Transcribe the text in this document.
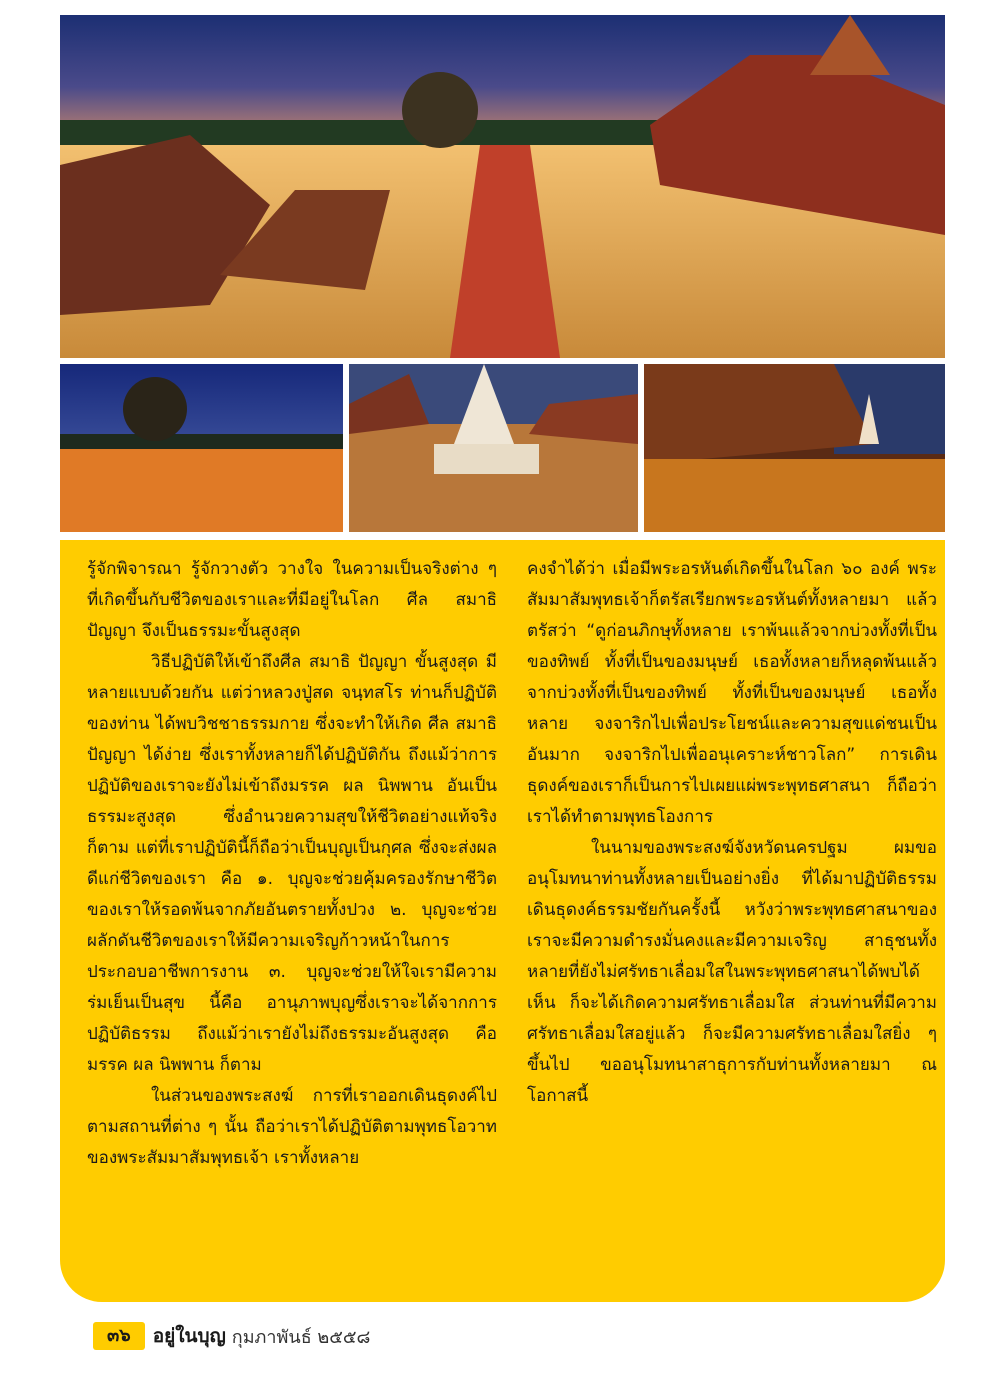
รู้จักพิจารณา รู้จักวางตัว วางใจ ในความเป็นจริงต่าง ๆ ที่เกิดขึ้นกับชีวิตของเราและที่มีอยู่ในโลก ศีล สมาธิ ปัญญา จึงเป็นธรรมะขั้นสูงสุด

วิธีปฏิบัติให้เข้าถึงศีล สมาธิ ปัญญา ขั้นสูงสุด มีหลายแบบด้วยกัน แต่ว่าหลวงปู่สด จนฺทสโร ท่านก็ปฏิบัติของท่าน ได้พบวิชชาธรรมกาย ซึ่งจะทำให้เกิด ศีล สมาธิ ปัญญา ได้ง่าย ซึ่งเราทั้งหลายก็ได้ปฏิบัติกัน ถึงแม้ว่าการปฏิบัติของเราจะยังไม่เข้าถึงมรรค ผล นิพพาน อันเป็นธรรมะสูงสุด ซึ่งอำนวยความสุขให้ชีวิตอย่างแท้จริงก็ตาม แต่ที่เราปฏิบัตินี้ก็ถือว่าเป็นบุญเป็นกุศล ซึ่งจะส่งผลดีแก่ชีวิตของเรา คือ ๑. บุญจะช่วยคุ้มครองรักษาชีวิตของเราให้รอดพ้นจากภัยอันตรายทั้งปวง ๒. บุญจะช่วยผลักดันชีวิตของเราให้มีความเจริญก้าวหน้าในการประกอบอาชีพการงาน ๓. บุญจะช่วยให้ใจเรามีความร่มเย็นเป็นสุข นี้คือ อานุภาพบุญซึ่งเราจะได้จากการปฏิบัติธรรม ถึงแม้ว่าเรายังไม่ถึงธรรมะอันสูงสุด คือ มรรค ผล นิพพาน ก็ตาม

ในส่วนของพระสงฆ์ การที่เราออกเดินธุดงค์ไปตามสถานที่ต่าง ๆ นั้น ถือว่าเราได้ปฏิบัติตามพุทธโอวาทของพระสัมมาสัมพุทธเจ้า เราทั้งหลาย

คงจำได้ว่า เมื่อมีพระอรหันต์เกิดขึ้นในโลก ๖๐ องค์ พระสัมมาสัมพุทธเจ้าก็ตรัสเรียกพระอรหันต์ทั้งหลายมา แล้วตรัสว่า “ดูก่อนภิกษุทั้งหลาย เราพ้นแล้วจากบ่วงทั้งที่เป็นของทิพย์ ทั้งที่เป็นของมนุษย์ เธอทั้งหลายก็หลุดพ้นแล้วจากบ่วงทั้งที่เป็นของทิพย์ ทั้งที่เป็นของมนุษย์ เธอทั้งหลาย จงจาริกไปเพื่อประโยชน์และความสุขแด่ชนเป็นอันมาก จงจาริกไปเพื่ออนุเคราะห์ชาวโลก” การเดินธุดงค์ของเราก็เป็นการไปเผยแผ่พระพุทธศาสนา ก็ถือว่าเราได้ทำตามพุทธโองการ

ในนามของพระสงฆ์จังหวัดนครปฐม ผมขออนุโมทนาท่านทั้งหลายเป็นอย่างยิ่ง ที่ได้มาปฏิบัติธรรมเดินธุดงค์ธรรมชัยกันครั้งนี้ หวังว่าพระพุทธศาสนาของเราจะมีความดำรงมั่นคงและมีความเจริญ สาธุชนทั้งหลายที่ยังไม่ศรัทธาเลื่อมใสในพระพุทธศาสนาได้พบได้เห็น ก็จะได้เกิดความศรัทธาเลื่อมใส ส่วนท่านที่มีความศรัทธาเลื่อมใสอยู่แล้ว ก็จะมีความศรัทธาเลื่อมใสยิ่ง ๆ ขึ้นไป ขออนุโมทนาสาธุการกับท่านทั้งหลายมา ณ โอกาสนี้

๓๖	อยู่ในบุญ กุมภาพันธ์ ๒๕๕๘
